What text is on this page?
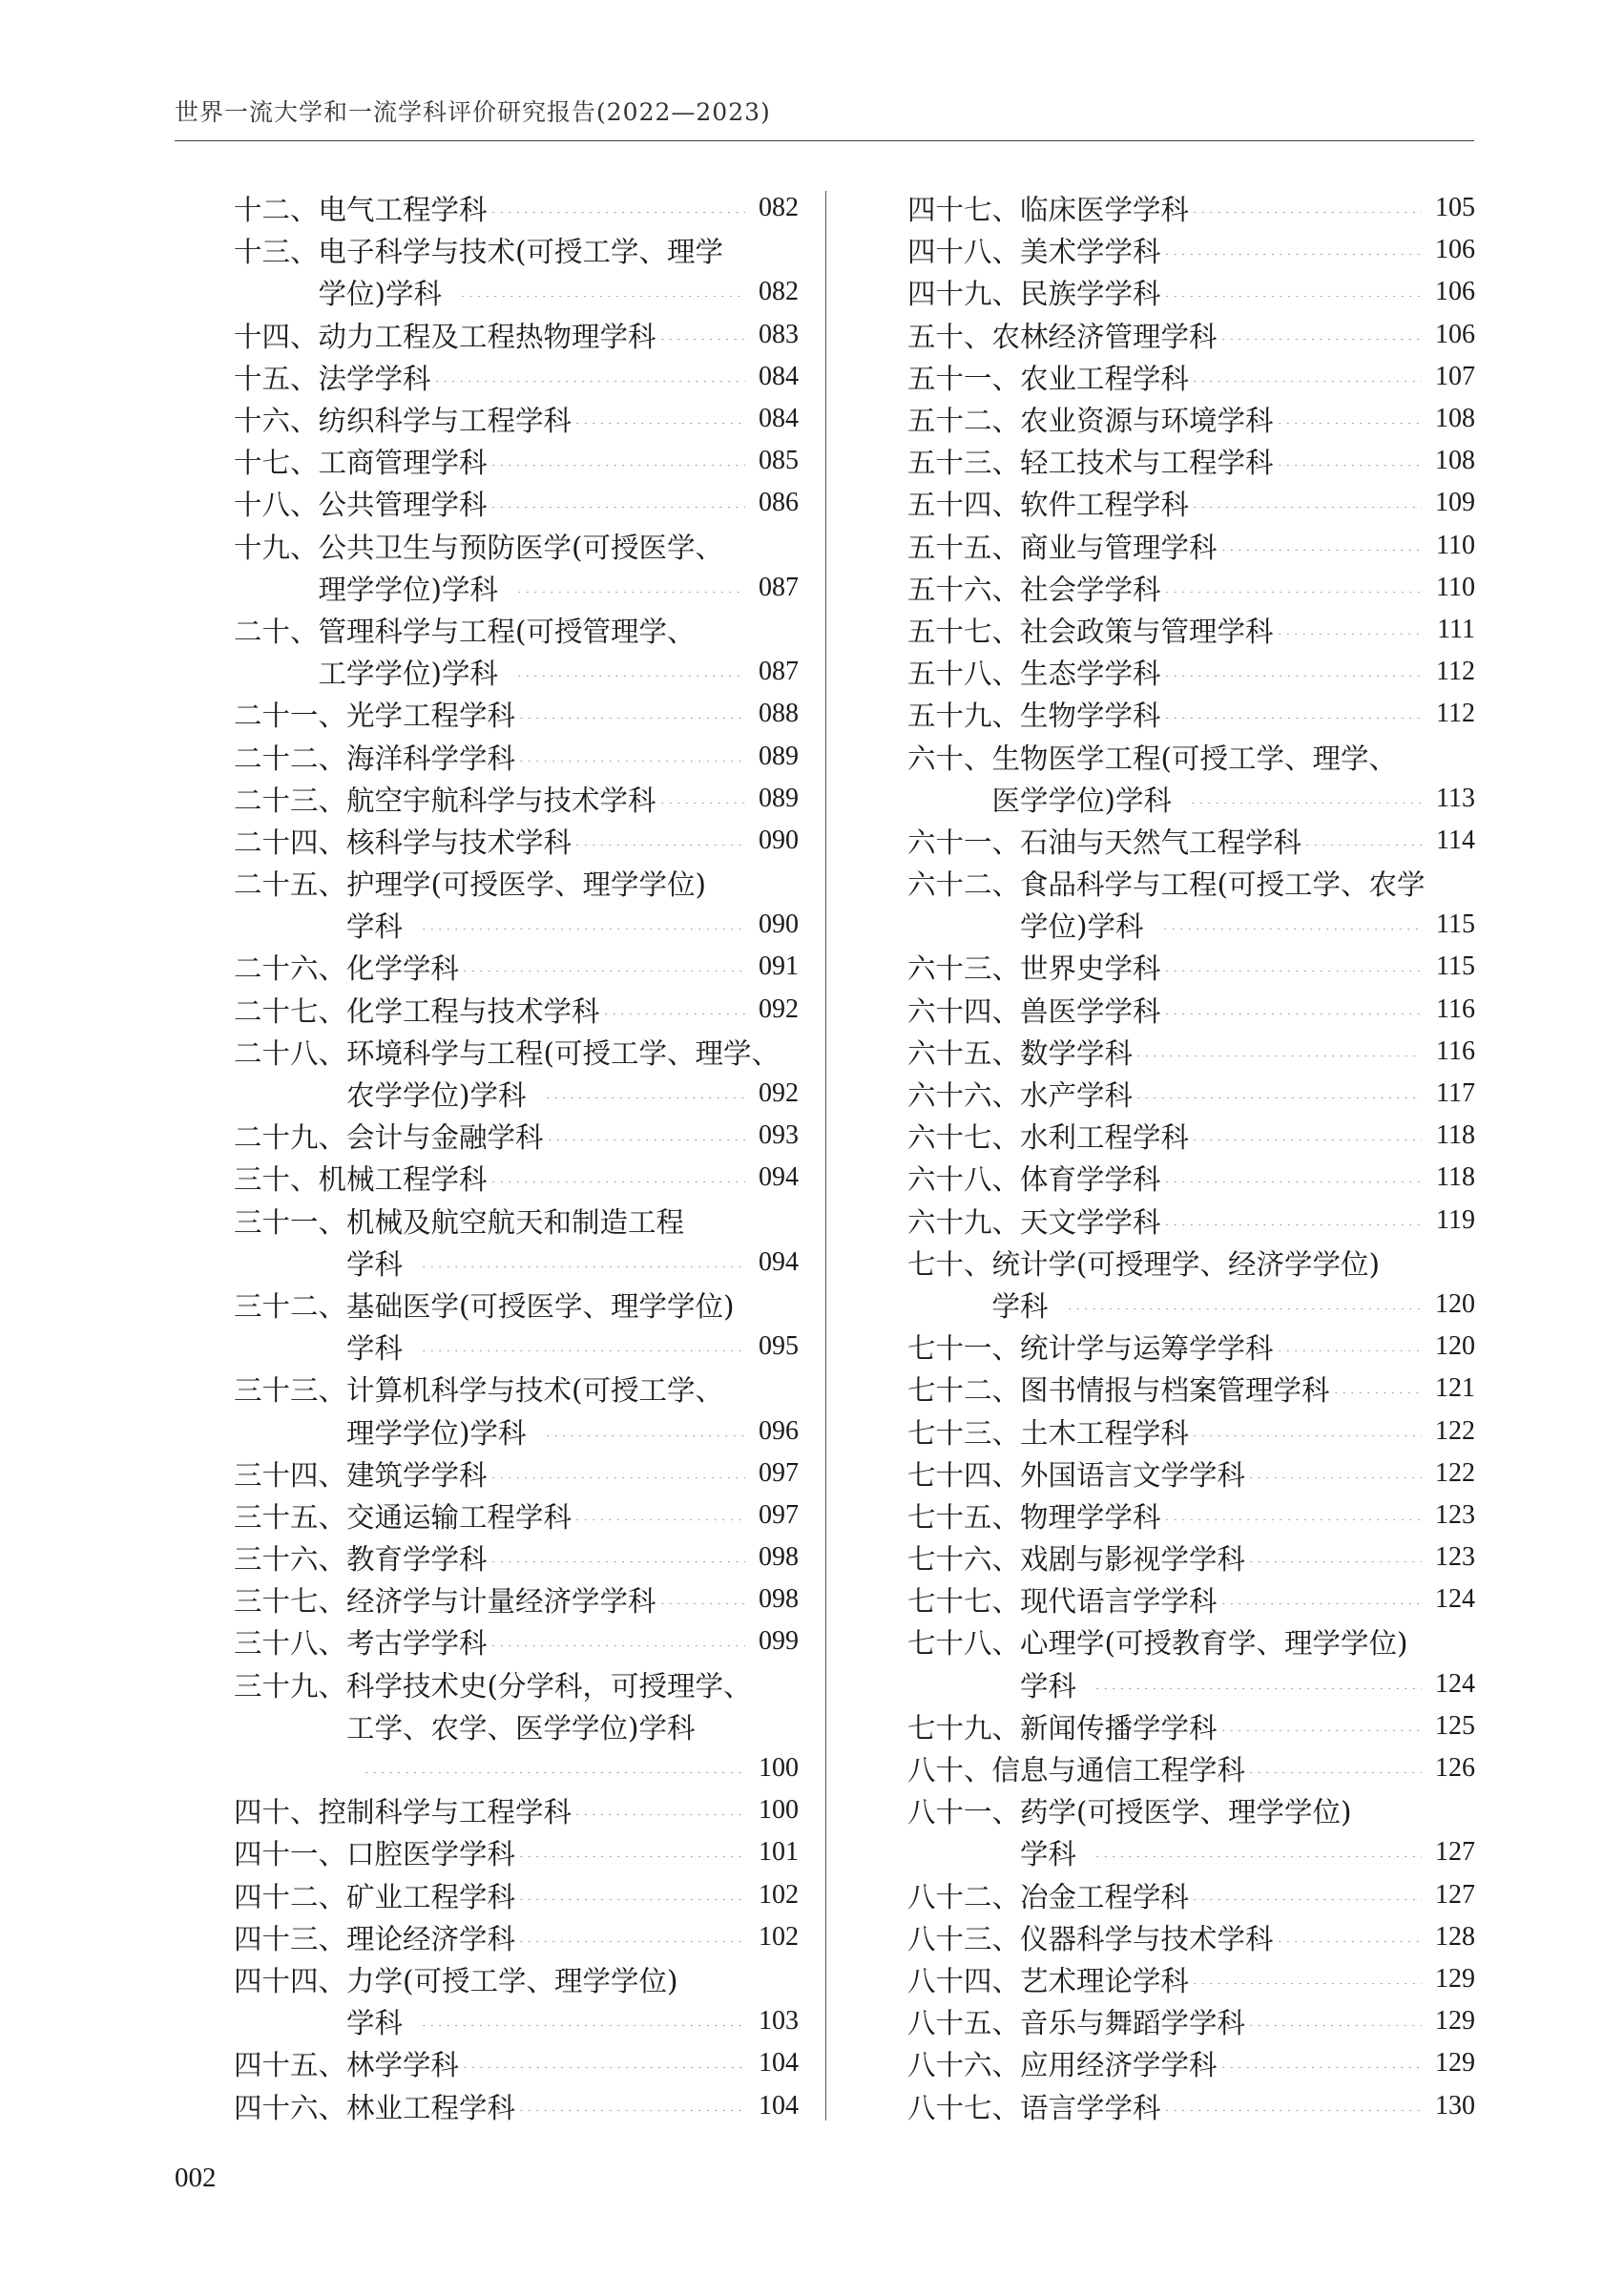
世界一流大学和一流学科评价研究报告(2022—2023)
十二、电气工程学科	082
十三、电子科学与技术(可授工学、理学
学位)学科	082
十四、动力工程及工程热物理学科	083
十五、法学学科	084
十六、纺织科学与工程学科	084
十七、工商管理学科	085
十八、公共管理学科	086
十九、公共卫生与预防医学(可授医学、
理学学位)学科	087
二十、管理科学与工程(可授管理学、
工学学位)学科	087
二十一、光学工程学科	088
二十二、海洋科学学科	089
二十三、航空宇航科学与技术学科	089
二十四、核科学与技术学科	090
二十五、护理学(可授医学、理学学位)
学科	090
二十六、化学学科	091
二十七、化学工程与技术学科	092
二十八、环境科学与工程(可授工学、理学、
农学学位)学科	092
二十九、会计与金融学科	093
三十、机械工程学科	094
三十一、机械及航空航天和制造工程
学科	094
三十二、基础医学(可授医学、理学学位)
学科	095
三十三、计算机科学与技术(可授工学、
理学学位)学科	096
三十四、建筑学学科	097
三十五、交通运输工程学科	097
三十六、教育学学科	098
三十七、经济学与计量经济学学科	098
三十八、考古学学科	099
三十九、科学技术史(分学科，可授理学、
工学、农学、医学学位)学科
100
四十、控制科学与工程学科	100
四十一、口腔医学学科	101
四十二、矿业工程学科	102
四十三、理论经济学科	102
四十四、力学(可授工学、理学学位)
学科	103
四十五、林学学科	104
四十六、林业工程学科	104
四十七、临床医学学科	105
四十八、美术学学科	106
四十九、民族学学科	106
五十、农林经济管理学科	106
五十一、农业工程学科	107
五十二、农业资源与环境学科	108
五十三、轻工技术与工程学科	108
五十四、软件工程学科	109
五十五、商业与管理学科	110
五十六、社会学学科	110
五十七、社会政策与管理学科	111
五十八、生态学学科	112
五十九、生物学学科	112
六十、生物医学工程(可授工学、理学、
医学学位)学科	113
六十一、石油与天然气工程学科	114
六十二、食品科学与工程(可授工学、农学
学位)学科	115
六十三、世界史学科	115
六十四、兽医学学科	116
六十五、数学学科	116
六十六、水产学科	117
六十七、水利工程学科	118
六十八、体育学学科	118
六十九、天文学学科	119
七十、统计学(可授理学、经济学学位)
学科	120
七十一、统计学与运筹学学科	120
七十二、图书情报与档案管理学科	121
七十三、土木工程学科	122
七十四、外国语言文学学科	122
七十五、物理学学科	123
七十六、戏剧与影视学学科	123
七十七、现代语言学学科	124
七十八、心理学(可授教育学、理学学位)
学科	124
七十九、新闻传播学学科	125
八十、信息与通信工程学科	126
八十一、药学(可授医学、理学学位)
学科	127
八十二、冶金工程学科	127
八十三、仪器科学与技术学科	128
八十四、艺术理论学科	129
八十五、音乐与舞蹈学学科	129
八十六、应用经济学学科	129
八十七、语言学学科	130
002
